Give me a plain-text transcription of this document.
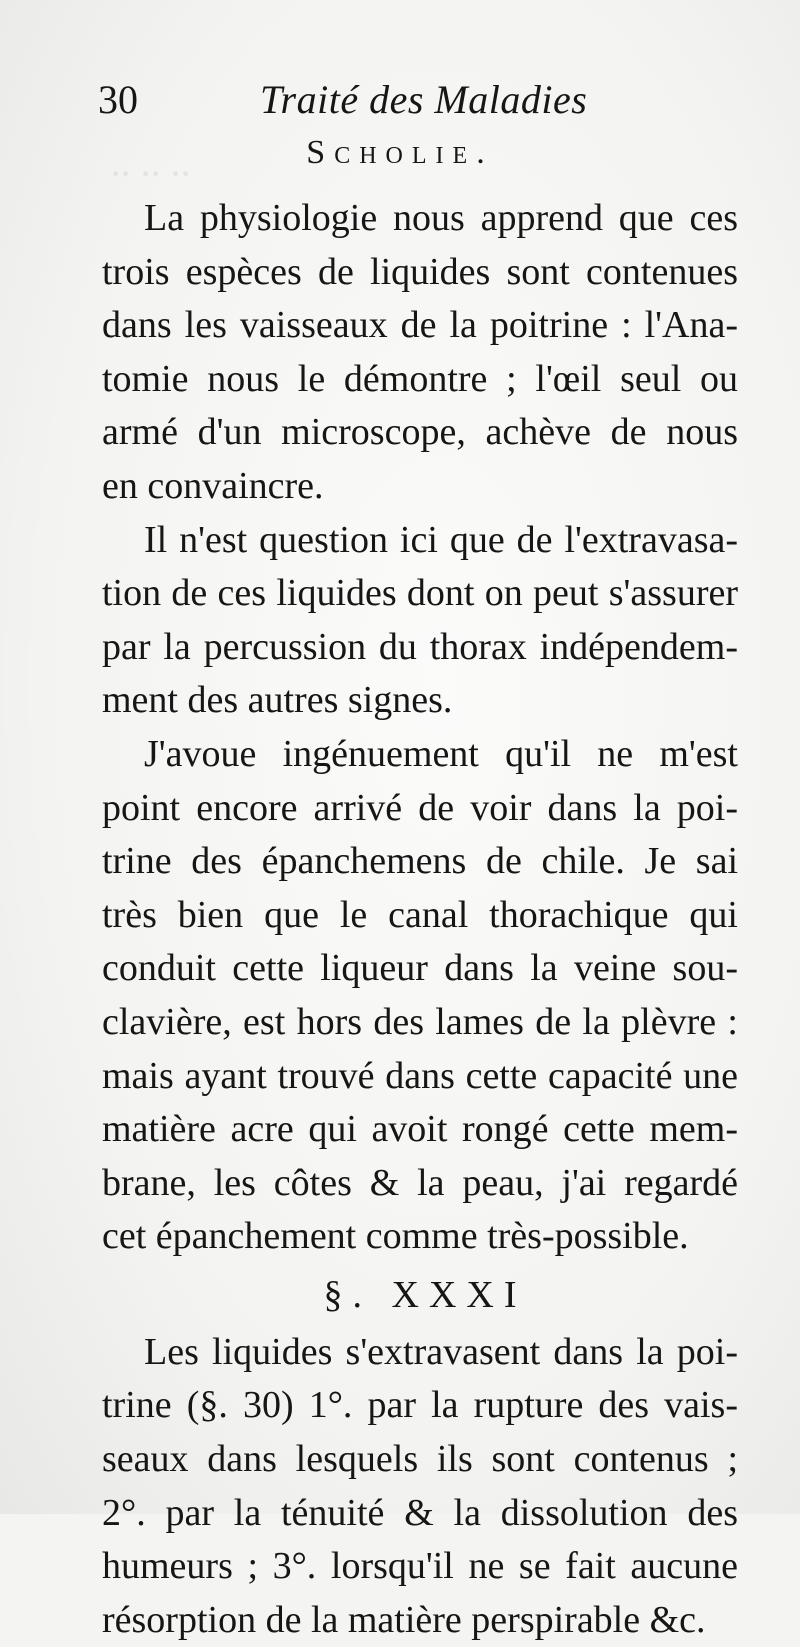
·· ·· ··
30	Traité des Maladies
Scholie.
La physiologie nous apprend que ces
trois espèces de liquides sont contenues
dans les vaisseaux de la poitrine : l'Ana-
tomie nous le démontre ; l'œil seul ou
armé d'un microscope, achève de nous
en convaincre.
Il n'est question ici que de l'extravasa-
tion de ces liquides dont on peut s'assurer
par la percussion du thorax indépendem-
ment des autres signes.
J'avoue ingénuement qu'il ne m'est
point encore arrivé de voir dans la poi-
trine des épanchemens de chile. Je sai
très bien que le canal thorachique qui
conduit cette liqueur dans la veine sou-
clavière, est hors des lames de la plèvre :
mais ayant trouvé dans cette capacité une
matière acre qui avoit rongé cette mem-
brane, les côtes & la peau, j'ai regardé
cet épanchement comme très-possible.
§. XXXI
Les liquides s'extravasent dans la poi-
trine (§. 30) 1°. par la rupture des vais-
seaux dans lesquels ils sont contenus ;
2°. par la ténuité & la dissolution des
humeurs ; 3°. lorsqu'il ne se fait aucune
résorption de la matière perspirable &c.
